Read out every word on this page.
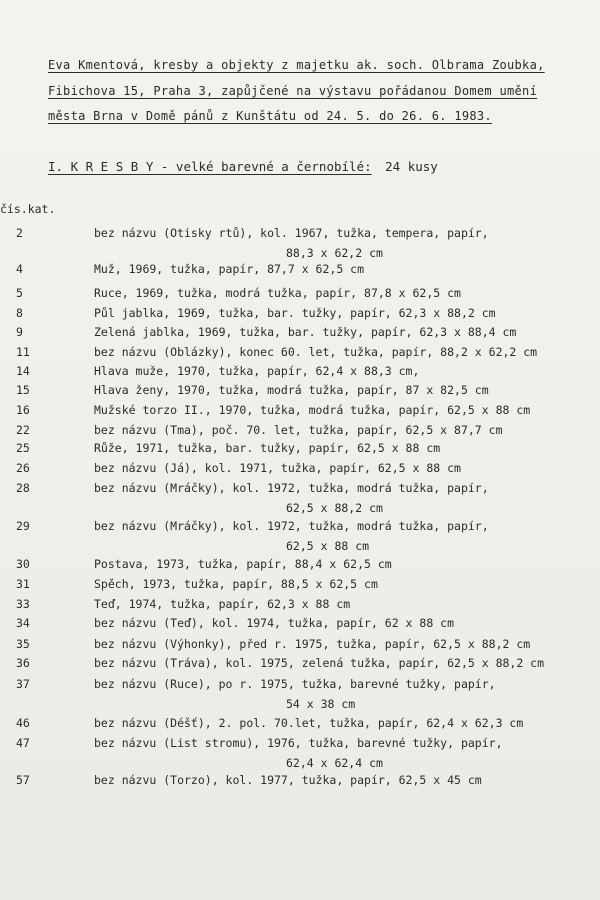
Eva Kmentová, kresby a objekty z majetku ak. soch. Olbrama Zoubka,
Fibichova 15, Praha 3, zapůjčené na výstavu pořádanou Domem umění
města Brna v Domě pánů z Kunštátu od 24. 5. do 26. 6. 1983.
I. K R E S B Y - velké barevné a černobílé: 24 kusy
čís.kat.
2	bez názvu (Otisky rtů), kol. 1967, tužka, tempera, papír,
88,3 x 62,2 cm
4	Muž, 1969, tužka, papír, 87,7 x 62,5 cm
5	Ruce, 1969, tužka, modrá tužka, papír, 87,8 x 62,5 cm
8	Půl jablka, 1969, tužka, bar. tužky, papír, 62,3 x 88,2 cm
9	Zelená jablka, 1969, tužka, bar. tužky, papír, 62,3 x 88,4 cm
11	bez názvu (Oblázky), konec 60. let, tužka, papír, 88,2 x 62,2 cm
14	Hlava muže, 1970, tužka, papír, 62,4 x 88,3 cm,
15	Hlava ženy, 1970, tužka, modrá tužka, papír, 87 x 82,5 cm
16	Mužské torzo II., 1970, tužka, modrá tužka, papír, 62,5 x 88 cm
22	bez názvu (Tma), poč. 70. let, tužka, papír, 62,5 x 87,7 cm
25	Růže, 1971, tužka, bar. tužky, papír, 62,5 x 88 cm
26	bez názvu (Já), kol. 1971, tužka, papír, 62,5 x 88 cm
28	bez názvu (Mráčky), kol. 1972, tužka, modrá tužka, papír,
62,5 x 88,2 cm
29	bez názvu (Mráčky), kol. 1972, tužka, modrá tužka, papír,
62,5 x 88 cm
30	Postava, 1973, tužka, papír, 88,4 x 62,5 cm
31	Spěch, 1973, tužka, papír, 88,5 x 62,5 cm
33	Teď, 1974, tužka, papír, 62,3 x 88 cm
34	bez názvu (Teď), kol. 1974, tužka, papír, 62 x 88 cm
35	bez názvu (Výhonky), před r. 1975, tužka, papír, 62,5 x 88,2 cm
36	bez názvu (Tráva), kol. 1975, zelená tužka, papír, 62,5 x 88,2 cm
37	bez názvu (Ruce), po r. 1975, tužka, barevné tužky, papír,
54 x 38 cm
46	bez názvu (Déšť), 2. pol. 70.let, tužka, papír, 62,4 x 62,3 cm
47	bez názvu (List stromu), 1976, tužka, barevné tužky, papír,
62,4 x 62,4 cm
57	bez názvu (Torzo), kol. 1977, tužka, papír, 62,5 x 45 cm
